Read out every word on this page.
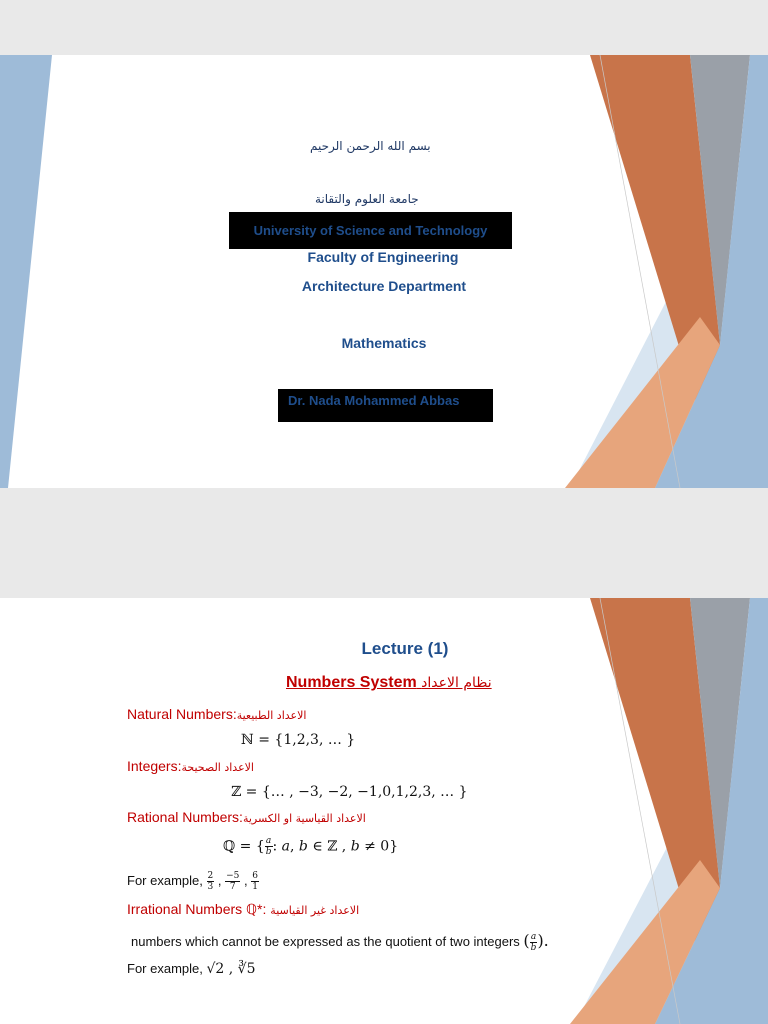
بسم الله الرحمن الرحيم
جامعة العلوم والتقانة
University of Science and Technology
Faculty of Engineering
Architecture Department
Mathematics
Dr. Nada Mohammed Abbas
Lecture (1)
Numbers System نظام الاعداد
Natural Numbers:الاعداد الطبيعية
ℕ = {1,2,3, … }
Integers:الاعداد الصحيحة
ℤ = {… , −3, −2, −1,0,1,2,3, … }
Rational Numbers:الاعداد القياسية او الكسرية
ℚ = { $\frac{\text{𝑎}}{\text{𝑏}}$ : 𝑎, 𝑏 ∈ ℤ , 𝑏 ≠ 0}
For example, $\frac{2}{3}$ , $\frac{-5}{7}$ , $\frac{6}{1}$
Irrational Numbers ℚ*: الاعداد غير القياسية
numbers which cannot be expressed as the quotient of two integers ( $\frac{\text{𝑎}}{\text{𝑏}}$ ).
For example, √2 , ∛5
